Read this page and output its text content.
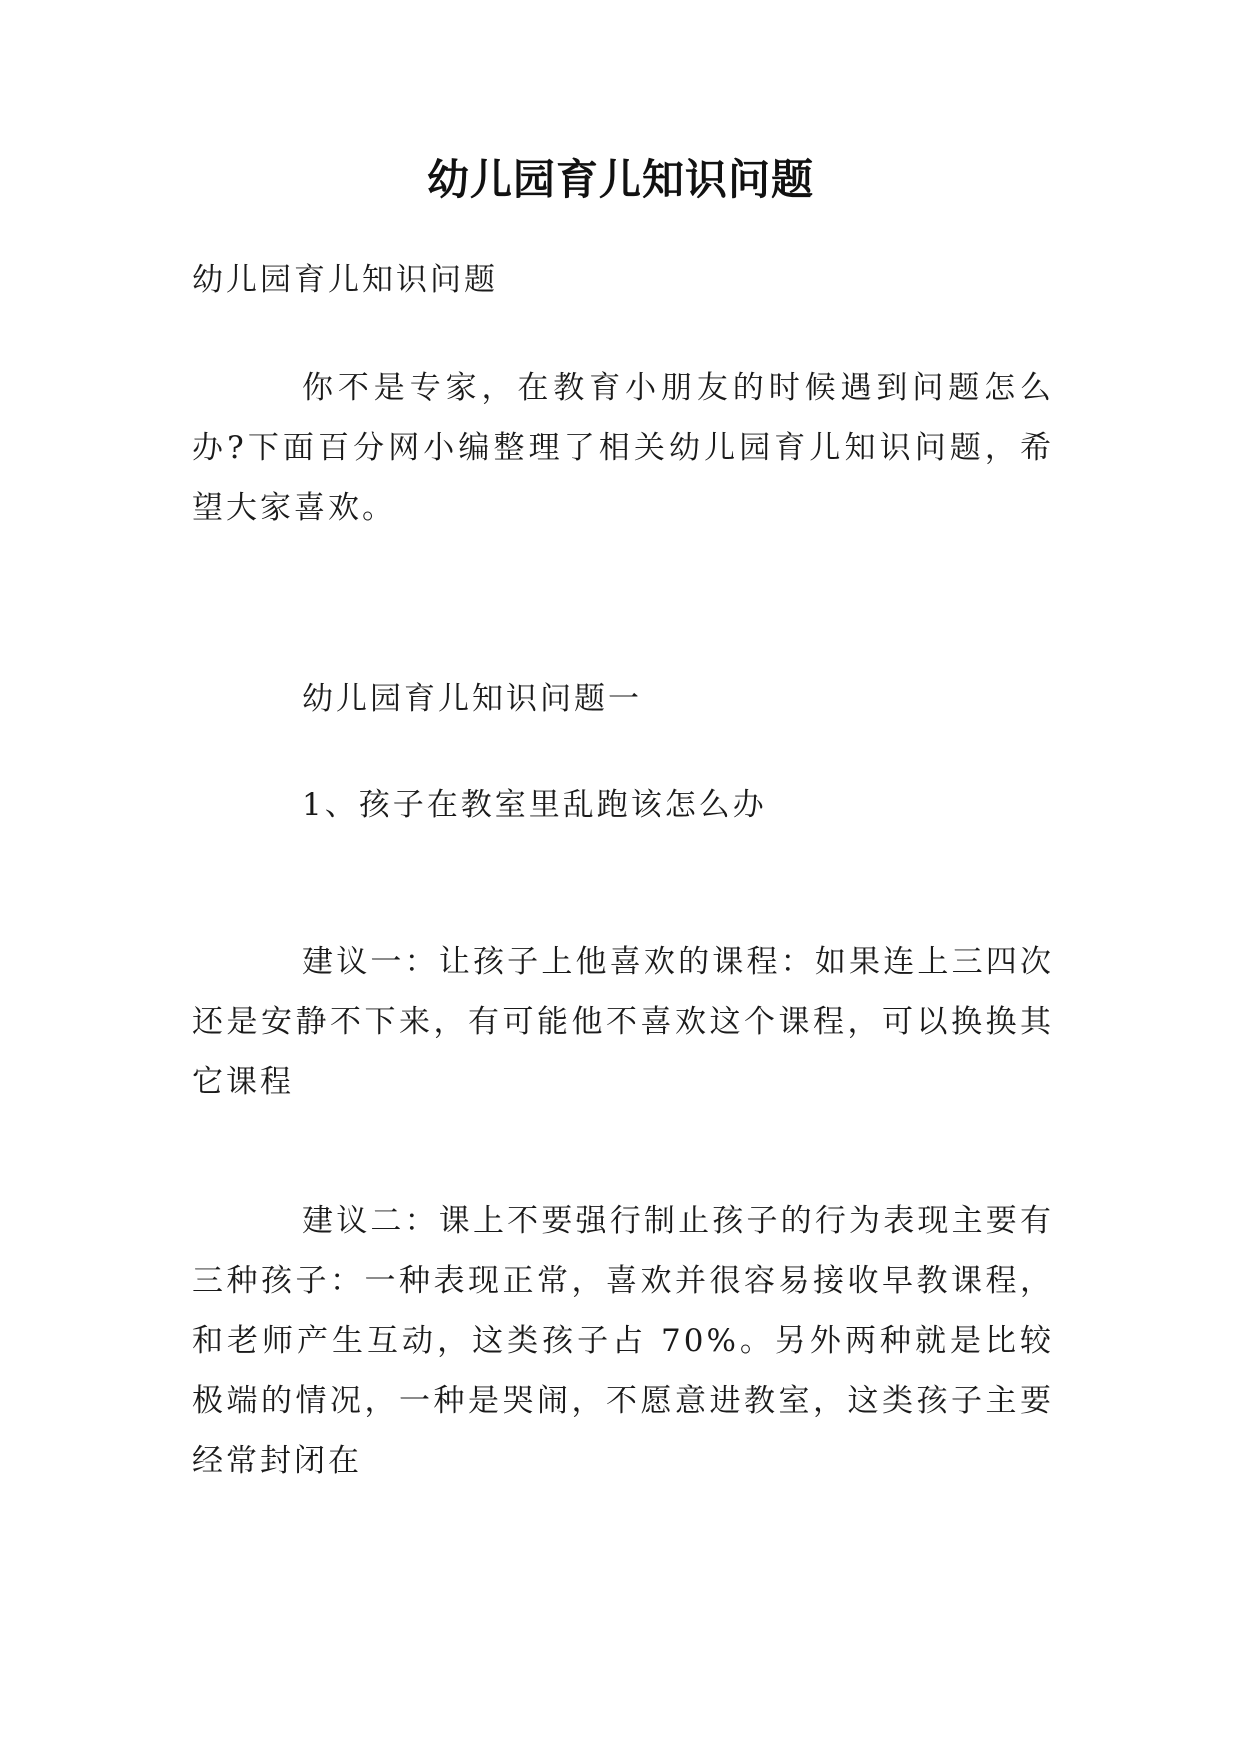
幼儿园育儿知识问题
幼儿园育儿知识问题
你不是专家，在教育小朋友的时候遇到问题怎么办?下面百分网小编整理了相关幼儿园育儿知识问题，希望大家喜欢。
幼儿园育儿知识问题一
1、孩子在教室里乱跑该怎么办
建议一：让孩子上他喜欢的课程：如果连上三四次还是安静不下来，有可能他不喜欢这个课程，可以换换其它课程
建议二：课上不要强行制止孩子的行为表现主要有三种孩子：一种表现正常，喜欢并很容易接收早教课程，和老师产生互动，这类孩子占 70%。另外两种就是比较极端的情况，一种是哭闹，不愿意进教室，这类孩子主要经常封闭在
